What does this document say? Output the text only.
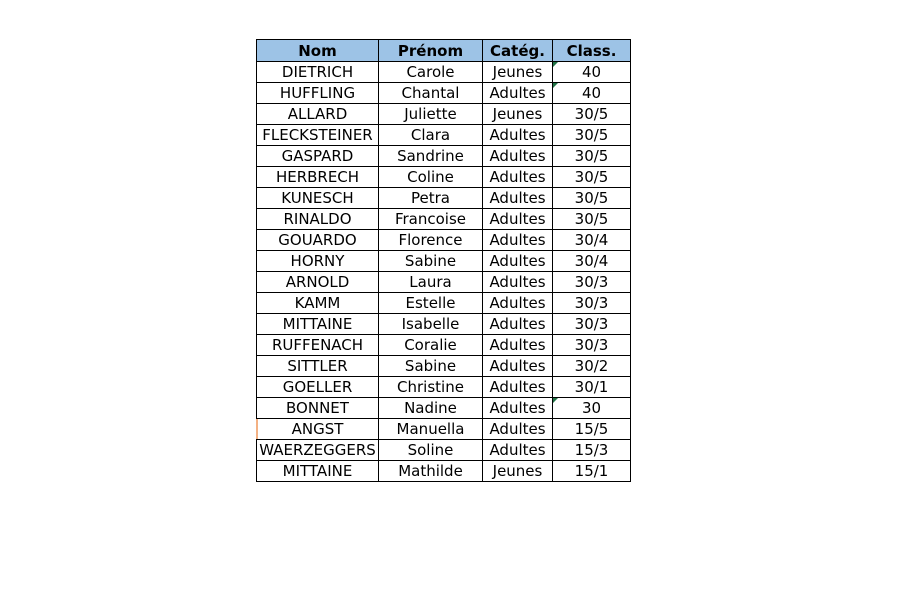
Nom	Prénom	Catég.	Class.
DIETRICH	Carole	Jeunes	40

HUFFLING	Chantal	Adultes	40

ALLARD	Juliette	Jeunes	30/5
FLECKSTEINER	Clara	Adultes	30/5
GASPARD	Sandrine	Adultes	30/5
HERBRECH	Coline	Adultes	30/5
KUNESCH	Petra	Adultes	30/5
RINALDO	Francoise	Adultes	30/5
GOUARDO	Florence	Adultes	30/4
HORNY	Sabine	Adultes	30/4
ARNOLD	Laura	Adultes	30/3
KAMM	Estelle	Adultes	30/3
MITTAINE	Isabelle	Adultes	30/3
RUFFENACH	Coralie	Adultes	30/3
SITTLER	Sabine	Adultes	30/2
GOELLER	Christine	Adultes	30/1
BONNET	Nadine	Adultes	30

ANGST	Manuella	Adultes	15/5
WAERZEGGERS	Soline	Adultes	15/3
MITTAINE	Mathilde	Jeunes	15/1
